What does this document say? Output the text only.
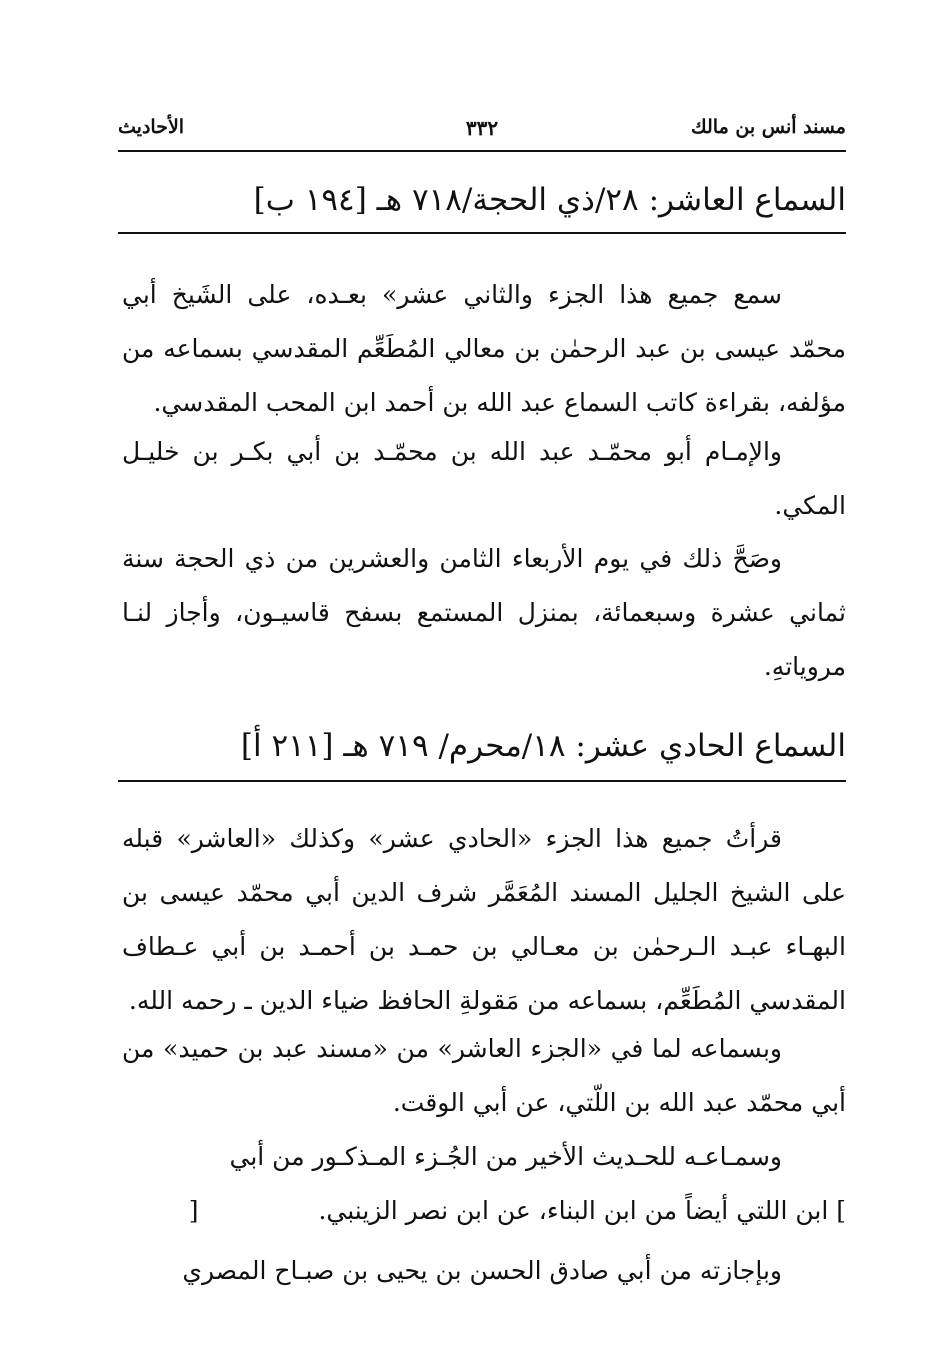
مسند أنس بن مالك
٣٣٢
الأحاديث
السماع العاشر: ٢٨/ذي الحجة/٧١٨ هـ [١٩٤ ب]

سمع جميع هذا الجزء والثاني عشر» بعـده، على الشَيخ أبي محمّد عيسى بن عبد الرحمٰن بن معالي المُطَعِّم المقدسي بسماعه من مؤلفه، بقراءة كاتب السماع عبد الله بن أحمد ابن المحب المقدسي.

والإمـام أبو محمّـد عبد الله بن محمّـد بن أبي بكـر بن خليـل المكي.

وصَحَّ ذلك في يوم الأربعاء الثامن والعشرين من ذي الحجة سنة ثماني عشرة وسبعمائة، بمنزل المستمع بسفح قاسيـون، وأجاز لنـا مروياتهِ.

السماع الحادي عشر: ١٨/محرم/ ٧١٩ هـ [٢١١ أ]

قرأتُ جميع هذا الجزء «الحادي عشر» وكذلك «العاشر» قبله على الشيخ الجليل المسند المُعَمَّر شرف الدين أبي محمّد عيسى بن البهـاء عبـد الـرحمٰن بن معـالي بن حمـد بن أحمـد بن أبي عـطاف المقدسي المُطَعِّم، بسماعه من مَقولةِ الحافظ ضياء الدين ـ رحمه الله.

وبسماعه لما في «الجزء العاشر» من «مسند عبد بن حميد» من أبي محمّد عبد الله بن اللّتي، عن أبي الوقت.

وسمـاعـه للحـديث الأخير من الجُـزء المـذكـور من أبي
] ابن اللتي أيضاً من ابن البناء، عن ابن نصر الزينبي.[
وبإجازته من أبي صادق الحسن بن يحيى بن صبـاح المصري
